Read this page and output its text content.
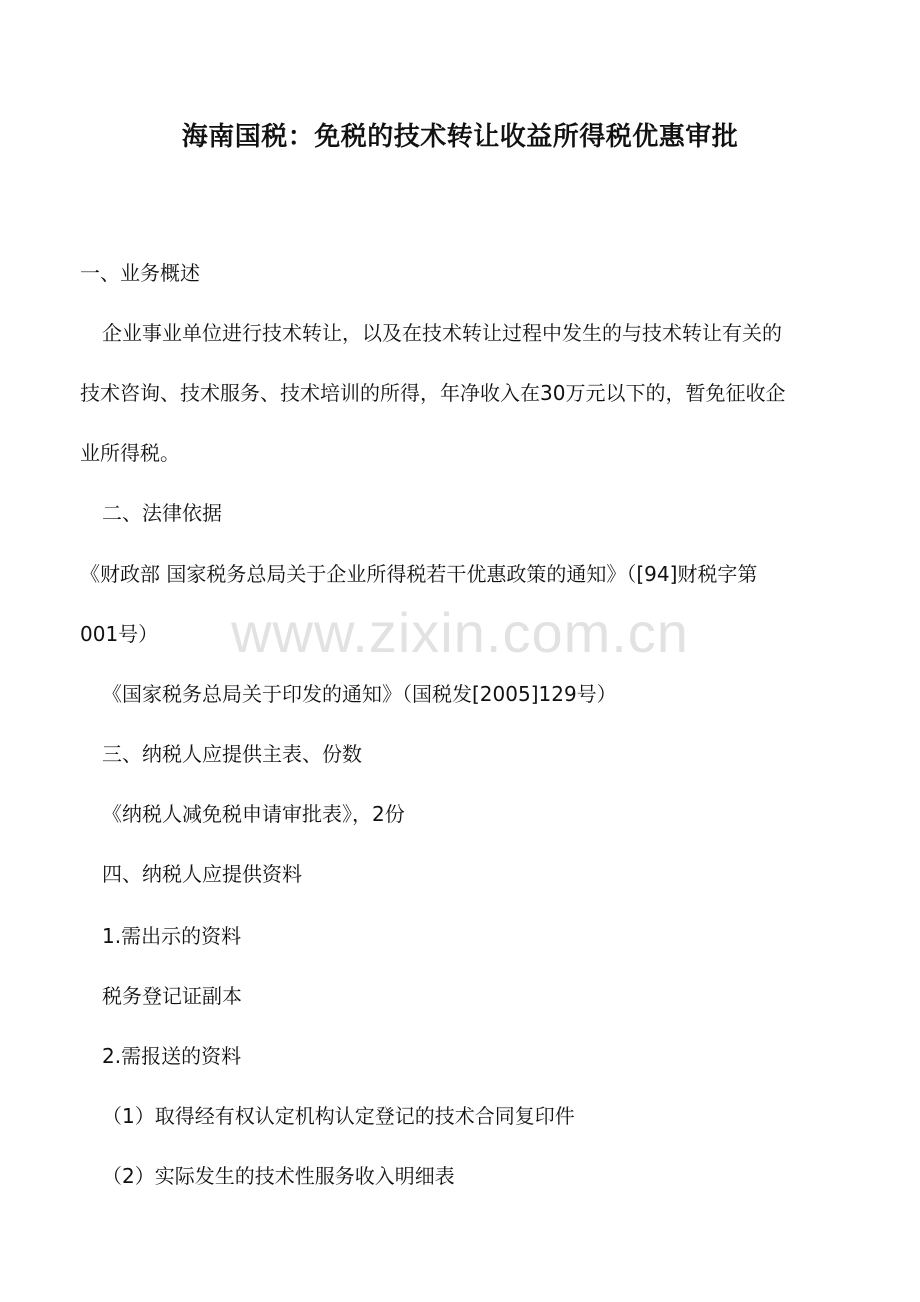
海南国税：免税的技术转让收益所得税优惠审批
一、业务概述
企业事业单位进行技术转让，以及在技术转让过程中发生的与技术转让有关的
技术咨询、技术服务、技术培训的所得，年净收入在30万元以下的，暂免征收企
业所得税。
二、法律依据
《财政部 国家税务总局关于企业所得税若干优惠政策的通知》（[94]财税字第
001号）
《国家税务总局关于印发的通知》（国税发[2005]129号）
三、纳税人应提供主表、份数
《纳税人减免税申请审批表》，2份
四、纳税人应提供资料
1.需出示的资料
税务登记证副本
2.需报送的资料
（1）取得经有权认定机构认定登记的技术合同复印件
（2）实际发生的技术性服务收入明细表
www.zixin.com.cn
